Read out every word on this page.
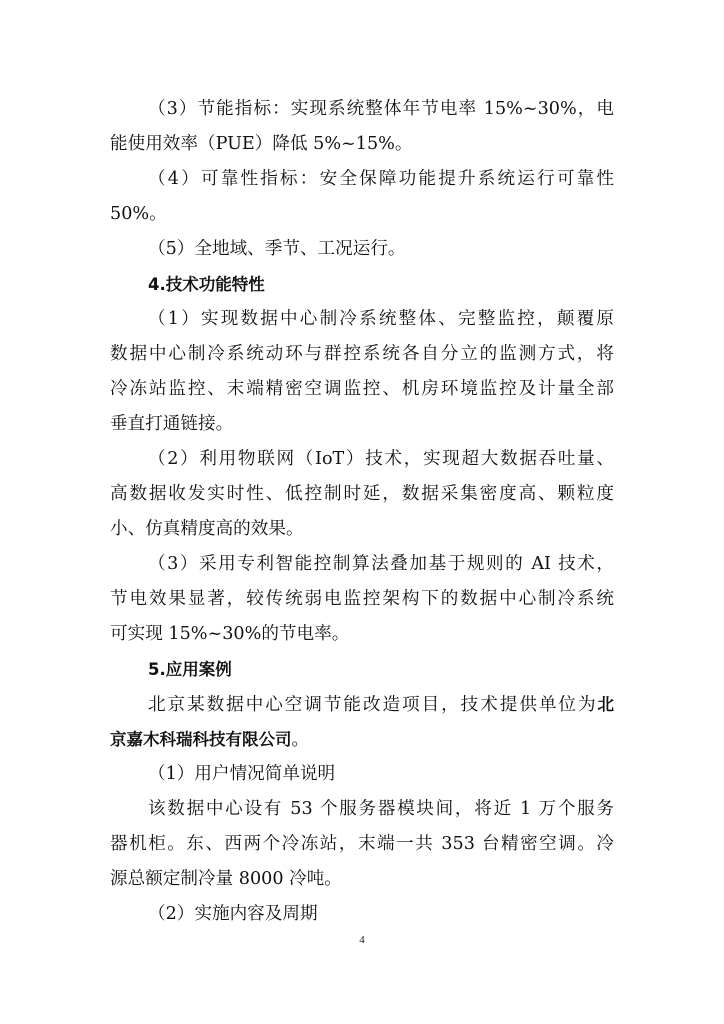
（3）节能指标：实现系统整体年节电率 15%~30%，电
能使用效率（PUE）降低 5%~15%。
（4）可靠性指标：安全保障功能提升系统运行可靠性
50%。
（5）全地域、季节、工况运行。
4.技术功能特性
（1）实现数据中心制冷系统整体、完整监控，颠覆原
数据中心制冷系统动环与群控系统各自分立的监测方式，将
冷冻站监控、末端精密空调监控、机房环境监控及计量全部
垂直打通链接。
（2）利用物联网（IoT）技术，实现超大数据吞吐量、
高数据收发实时性、低控制时延，数据采集密度高、颗粒度
小、仿真精度高的效果。
（3）采用专利智能控制算法叠加基于规则的 AI 技术，
节电效果显著，较传统弱电监控架构下的数据中心制冷系统
可实现 15%~30%的节电率。
5.应用案例
北京某数据中心空调节能改造项目，技术提供单位为北
京嘉木科瑞科技有限公司。
（1）用户情况简单说明
该数据中心设有 53 个服务器模块间，将近 1 万个服务
器机柜。东、西两个冷冻站，末端一共 353 台精密空调。冷
源总额定制冷量 8000 冷吨。
（2）实施内容及周期
4
